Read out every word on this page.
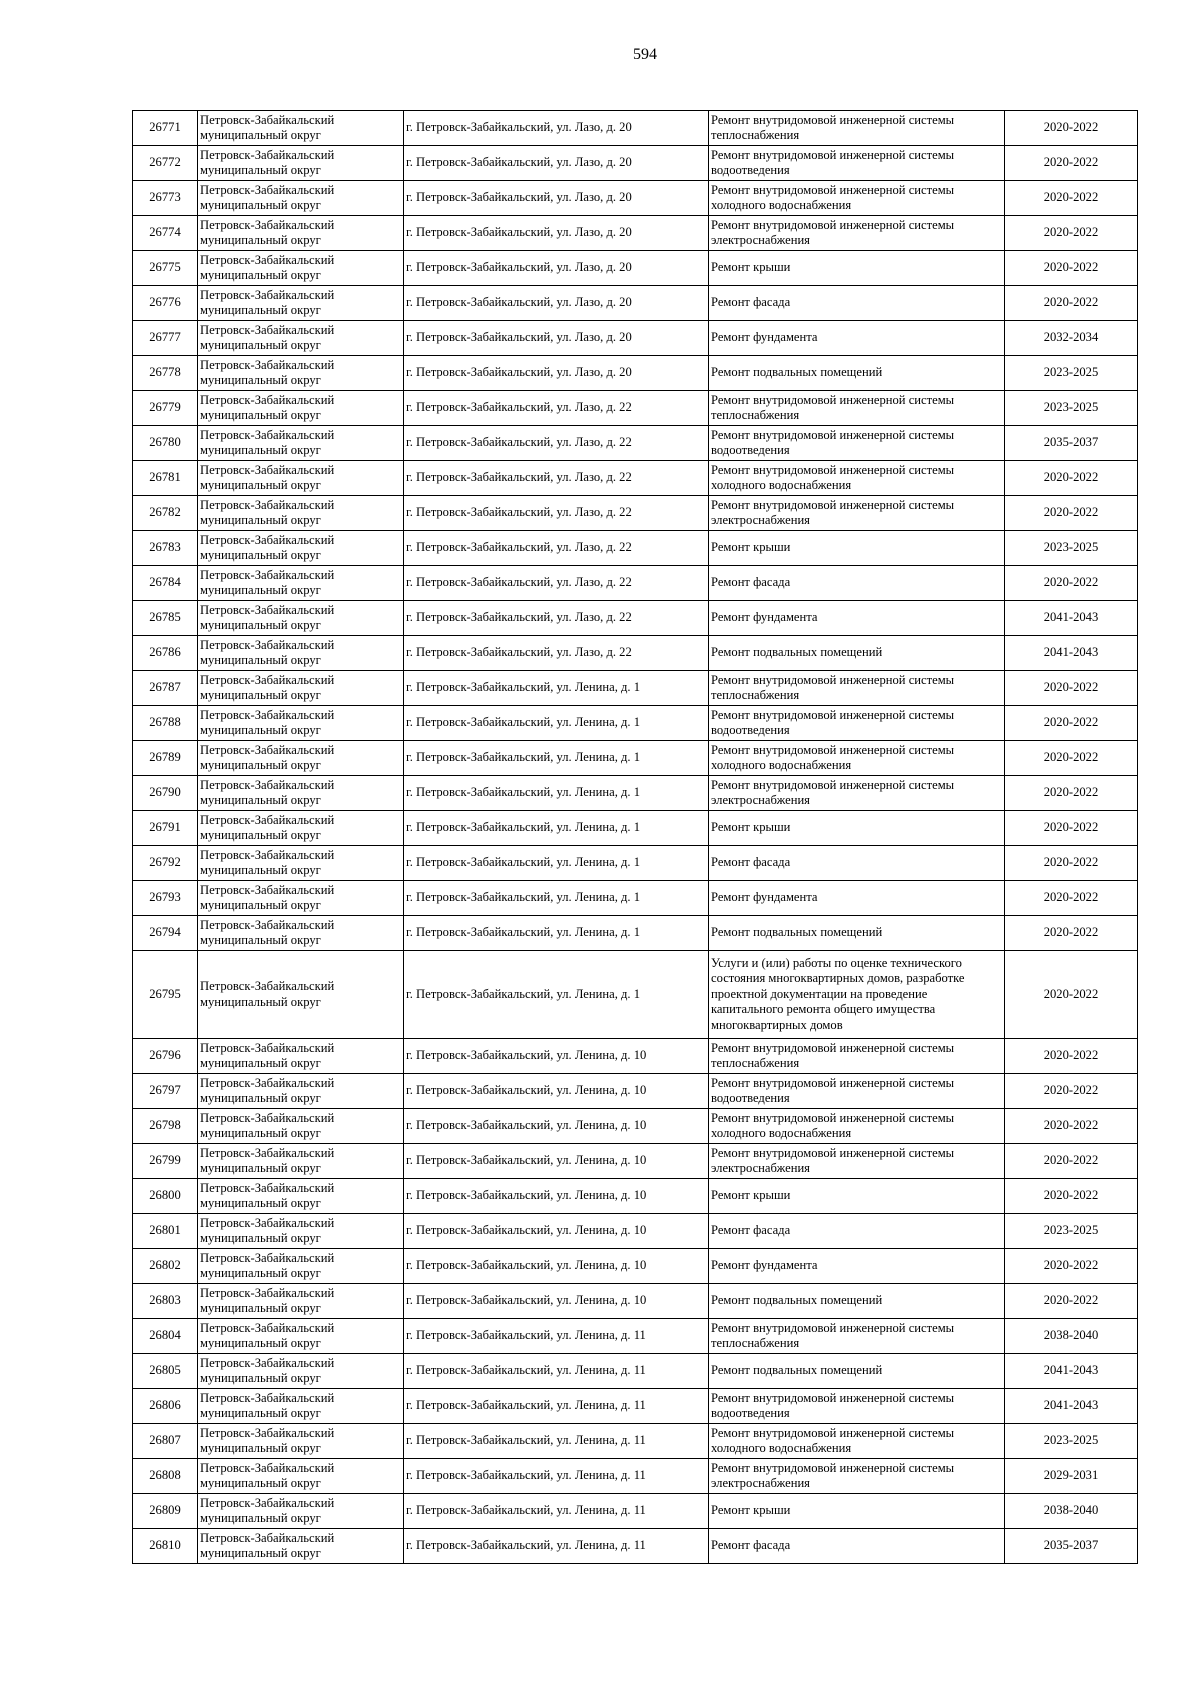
594
26771	Петровск-Забайкальский муниципальный округ	г. Петровск-Забайкальский, ул. Лазо, д. 20	Ремонт внутридомовой инженерной системы теплоснабжения	2020-2022
26772	Петровск-Забайкальский муниципальный округ	г. Петровск-Забайкальский, ул. Лазо, д. 20	Ремонт внутридомовой инженерной системы водоотведения	2020-2022
26773	Петровск-Забайкальский муниципальный округ	г. Петровск-Забайкальский, ул. Лазо, д. 20	Ремонт внутридомовой инженерной системы холодного водоснабжения	2020-2022
26774	Петровск-Забайкальский муниципальный округ	г. Петровск-Забайкальский, ул. Лазо, д. 20	Ремонт внутридомовой инженерной системы электроснабжения	2020-2022
26775	Петровск-Забайкальский муниципальный округ	г. Петровск-Забайкальский, ул. Лазо, д. 20	Ремонт крыши	2020-2022
26776	Петровск-Забайкальский муниципальный округ	г. Петровск-Забайкальский, ул. Лазо, д. 20	Ремонт фасада	2020-2022
26777	Петровск-Забайкальский муниципальный округ	г. Петровск-Забайкальский, ул. Лазо, д. 20	Ремонт фундамента	2032-2034
26778	Петровск-Забайкальский муниципальный округ	г. Петровск-Забайкальский, ул. Лазо, д. 20	Ремонт подвальных помещений	2023-2025
26779	Петровск-Забайкальский муниципальный округ	г. Петровск-Забайкальский, ул. Лазо, д. 22	Ремонт внутридомовой инженерной системы теплоснабжения	2023-2025
26780	Петровск-Забайкальский муниципальный округ	г. Петровск-Забайкальский, ул. Лазо, д. 22	Ремонт внутридомовой инженерной системы водоотведения	2035-2037
26781	Петровск-Забайкальский муниципальный округ	г. Петровск-Забайкальский, ул. Лазо, д. 22	Ремонт внутридомовой инженерной системы холодного водоснабжения	2020-2022
26782	Петровск-Забайкальский муниципальный округ	г. Петровск-Забайкальский, ул. Лазо, д. 22	Ремонт внутридомовой инженерной системы электроснабжения	2020-2022
26783	Петровск-Забайкальский муниципальный округ	г. Петровск-Забайкальский, ул. Лазо, д. 22	Ремонт крыши	2023-2025
26784	Петровск-Забайкальский муниципальный округ	г. Петровск-Забайкальский, ул. Лазо, д. 22	Ремонт фасада	2020-2022
26785	Петровск-Забайкальский муниципальный округ	г. Петровск-Забайкальский, ул. Лазо, д. 22	Ремонт фундамента	2041-2043
26786	Петровск-Забайкальский муниципальный округ	г. Петровск-Забайкальский, ул. Лазо, д. 22	Ремонт подвальных помещений	2041-2043
26787	Петровск-Забайкальский муниципальный округ	г. Петровск-Забайкальский, ул. Ленина, д. 1	Ремонт внутридомовой инженерной системы теплоснабжения	2020-2022
26788	Петровск-Забайкальский муниципальный округ	г. Петровск-Забайкальский, ул. Ленина, д. 1	Ремонт внутридомовой инженерной системы водоотведения	2020-2022
26789	Петровск-Забайкальский муниципальный округ	г. Петровск-Забайкальский, ул. Ленина, д. 1	Ремонт внутридомовой инженерной системы холодного водоснабжения	2020-2022
26790	Петровск-Забайкальский муниципальный округ	г. Петровск-Забайкальский, ул. Ленина, д. 1	Ремонт внутридомовой инженерной системы электроснабжения	2020-2022
26791	Петровск-Забайкальский муниципальный округ	г. Петровск-Забайкальский, ул. Ленина, д. 1	Ремонт крыши	2020-2022
26792	Петровск-Забайкальский муниципальный округ	г. Петровск-Забайкальский, ул. Ленина, д. 1	Ремонт фасада	2020-2022
26793	Петровск-Забайкальский муниципальный округ	г. Петровск-Забайкальский, ул. Ленина, д. 1	Ремонт фундамента	2020-2022
26794	Петровск-Забайкальский муниципальный округ	г. Петровск-Забайкальский, ул. Ленина, д. 1	Ремонт подвальных помещений	2020-2022
26795	Петровск-Забайкальский муниципальный округ	г. Петровск-Забайкальский, ул. Ленина, д. 1	Услуги и (или) работы по оценке технического состояния многоквартирных домов, разработке проектной документации на проведение капитального ремонта общего имущества многоквартирных домов	2020-2022
26796	Петровск-Забайкальский муниципальный округ	г. Петровск-Забайкальский, ул. Ленина, д. 10	Ремонт внутридомовой инженерной системы теплоснабжения	2020-2022
26797	Петровск-Забайкальский муниципальный округ	г. Петровск-Забайкальский, ул. Ленина, д. 10	Ремонт внутридомовой инженерной системы водоотведения	2020-2022
26798	Петровск-Забайкальский муниципальный округ	г. Петровск-Забайкальский, ул. Ленина, д. 10	Ремонт внутридомовой инженерной системы холодного водоснабжения	2020-2022
26799	Петровск-Забайкальский муниципальный округ	г. Петровск-Забайкальский, ул. Ленина, д. 10	Ремонт внутридомовой инженерной системы электроснабжения	2020-2022
26800	Петровск-Забайкальский муниципальный округ	г. Петровск-Забайкальский, ул. Ленина, д. 10	Ремонт крыши	2020-2022
26801	Петровск-Забайкальский муниципальный округ	г. Петровск-Забайкальский, ул. Ленина, д. 10	Ремонт фасада	2023-2025
26802	Петровск-Забайкальский муниципальный округ	г. Петровск-Забайкальский, ул. Ленина, д. 10	Ремонт фундамента	2020-2022
26803	Петровск-Забайкальский муниципальный округ	г. Петровск-Забайкальский, ул. Ленина, д. 10	Ремонт подвальных помещений	2020-2022
26804	Петровск-Забайкальский муниципальный округ	г. Петровск-Забайкальский, ул. Ленина, д. 11	Ремонт внутридомовой инженерной системы теплоснабжения	2038-2040
26805	Петровск-Забайкальский муниципальный округ	г. Петровск-Забайкальский, ул. Ленина, д. 11	Ремонт подвальных помещений	2041-2043
26806	Петровск-Забайкальский муниципальный округ	г. Петровск-Забайкальский, ул. Ленина, д. 11	Ремонт внутридомовой инженерной системы водоотведения	2041-2043
26807	Петровск-Забайкальский муниципальный округ	г. Петровск-Забайкальский, ул. Ленина, д. 11	Ремонт внутридомовой инженерной системы холодного водоснабжения	2023-2025
26808	Петровск-Забайкальский муниципальный округ	г. Петровск-Забайкальский, ул. Ленина, д. 11	Ремонт внутридомовой инженерной системы электроснабжения	2029-2031
26809	Петровск-Забайкальский муниципальный округ	г. Петровск-Забайкальский, ул. Ленина, д. 11	Ремонт крыши	2038-2040
26810	Петровск-Забайкальский муниципальный округ	г. Петровск-Забайкальский, ул. Ленина, д. 11	Ремонт фасада	2035-2037
